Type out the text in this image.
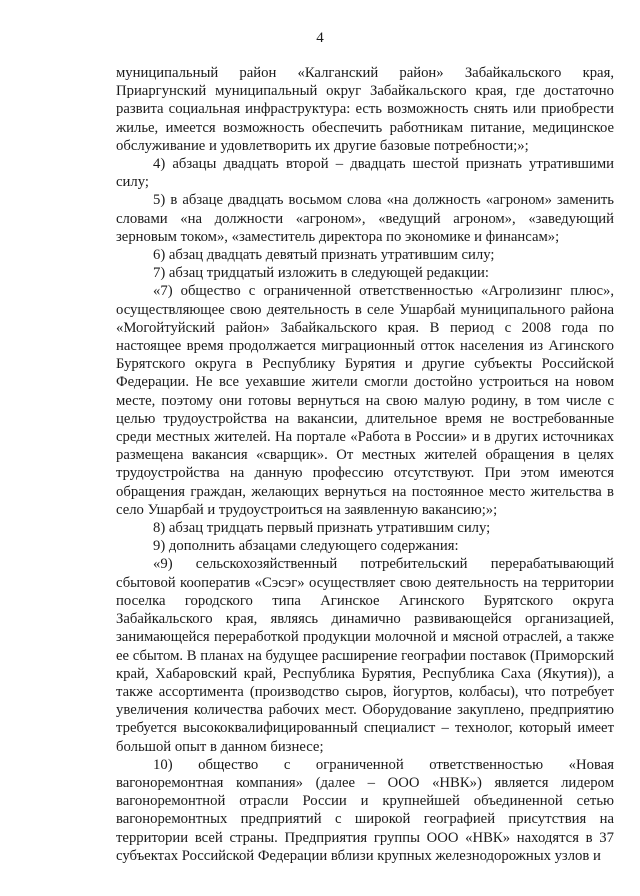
4

муниципальный район «Калганский район» Забайкальского края, Приаргунский муниципальный округ Забайкальского края, где достаточно развита социальная инфраструктура: есть возможность снять или приобрести жилье, имеется возможность обеспечить работникам питание, медицинское обслуживание и удовлетворить их другие базовые потребности;»;

4) абзацы двадцать второй – двадцать шестой признать утратившими силу;

5) в абзаце двадцать восьмом слова «на должность «агроном» заменить словами «на должности «агроном», «ведущий агроном», «заведующий зерновым током», «заместитель директора по экономике и финансам»;

6) абзац двадцать девятый признать утратившим силу;

7) абзац тридцатый изложить в следующей редакции:

«7) общество с ограниченной ответственностью «Агролизинг плюс», осуществляющее свою деятельность в селе Ушарбай муниципального района «Могойтуйский район» Забайкальского края. В период с 2008 года по настоящее время продолжается миграционный отток населения из Агинского Бурятского округа в Республику Бурятия и другие субъекты Российской Федерации. Не все уехавшие жители смогли достойно устроиться на новом месте, поэтому они готовы вернуться на свою малую родину, в том числе с целью трудоустройства на вакансии, длительное время не востребованные среди местных жителей. На портале «Работа в России» и в других источниках размещена вакансия «сварщик». От местных жителей обращения в целях трудоустройства на данную профессию отсутствуют. При этом имеются обращения граждан, желающих вернуться на постоянное место жительства в село Ушарбай и трудоустроиться на заявленную вакансию;»;

8) абзац тридцать первый признать утратившим силу;

9) дополнить абзацами следующего содержания:

«9) сельскохозяйственный потребительский перерабатывающий сбытовой кооператив «Сэсэг» осуществляет свою деятельность на территории поселка городского типа Агинское Агинского Бурятского округа Забайкальского края, являясь динамично развивающейся организацией, занимающейся переработкой продукции молочной и мясной отраслей, а также ее сбытом. В планах на будущее расширение географии поставок (Приморский край, Хабаровский край, Республика Бурятия, Республика Саха (Якутия)), а также ассортимента (производство сыров, йогуртов, колбасы), что потребует увеличения количества рабочих мест. Оборудование закуплено, предприятию требуется высококвалифицированный специалист – технолог, который имеет большой опыт в данном бизнесе;

10) общество с ограниченной ответственностью «Новая вагоноремонтная компания» (далее – ООО «НВК») является лидером вагоноремонтной отрасли России и крупнейшей объединенной сетью вагоноремонтных предприятий с широкой географией присутствия на территории всей страны. Предприятия группы ООО «НВК» находятся в 37 субъектах Российской Федерации вблизи крупных железнодорожных узлов и
